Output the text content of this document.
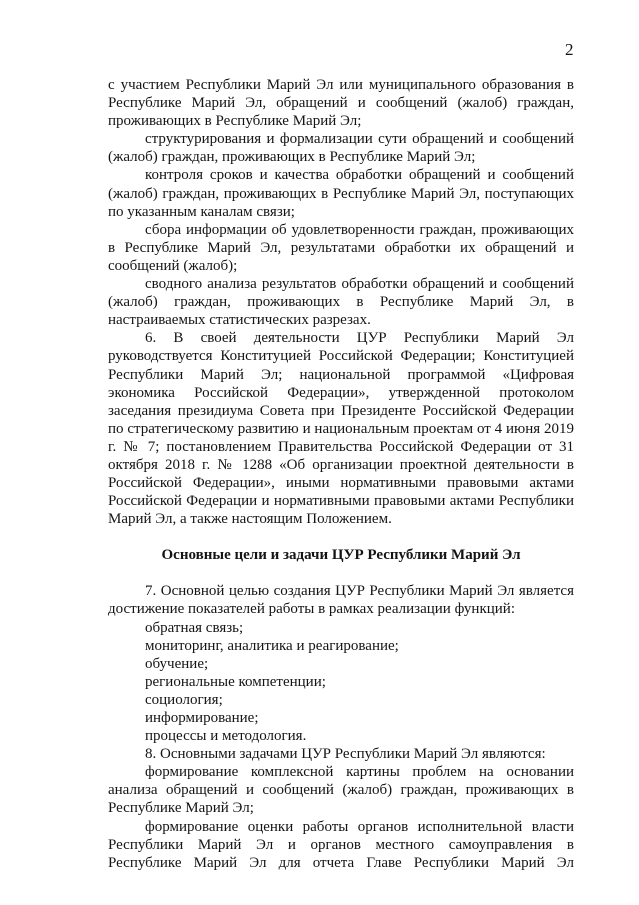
2

с участием Республики Марий Эл или муниципального образования в Республике Марий Эл, обращений и сообщений (жалоб) граждан, проживающих в Республике Марий Эл;

структурирования и формализации сути обращений и сообщений (жалоб) граждан, проживающих в Республике Марий Эл;

контроля сроков и качества обработки обращений и сообщений (жалоб) граждан, проживающих в Республике Марий Эл, поступающих по указанным каналам связи;

сбора информации об удовлетворенности граждан, проживающих в Республике Марий Эл, результатами обработки их обращений и сообщений (жалоб);

сводного анализа результатов обработки обращений и сообщений (жалоб) граждан, проживающих в Республике Марий Эл, в настраиваемых статистических разрезах.

6. В своей деятельности ЦУР Республики Марий Эл руководствуется Конституцией Российской Федерации; Конституцией Республики Марий Эл; национальной программой «Цифровая экономика Российской Федерации», утвержденной протоколом заседания президиума Совета при Президенте Российской Федерации по стратегическому развитию и национальным проектам от 4 июня 2019 г. № 7; постановлением Правительства Российской Федерации от 31 октября 2018 г. № 1288 «Об организации проектной деятельности в Российской Федерации», иными нормативными правовыми актами Российской Федерации и нормативными правовыми актами Республики Марий Эл, а также настоящим Положением.

Основные цели и задачи ЦУР Республики Марий Эл

7. Основной целью создания ЦУР Республики Марий Эл является достижение показателей работы в рамках реализации функций:

обратная связь;

мониторинг, аналитика и реагирование;

обучение;

региональные компетенции;

социология;

информирование;

процессы и методология.

8. Основными задачами ЦУР Республики Марий Эл являются:

формирование комплексной картины проблем на основании анализа обращений и сообщений (жалоб) граждан, проживающих в Республике Марий Эл;

формирование оценки работы органов исполнительной власти Республики Марий Эл и органов местного самоуправления в Республике Марий Эл для отчета Главе Республики Марий Эл
